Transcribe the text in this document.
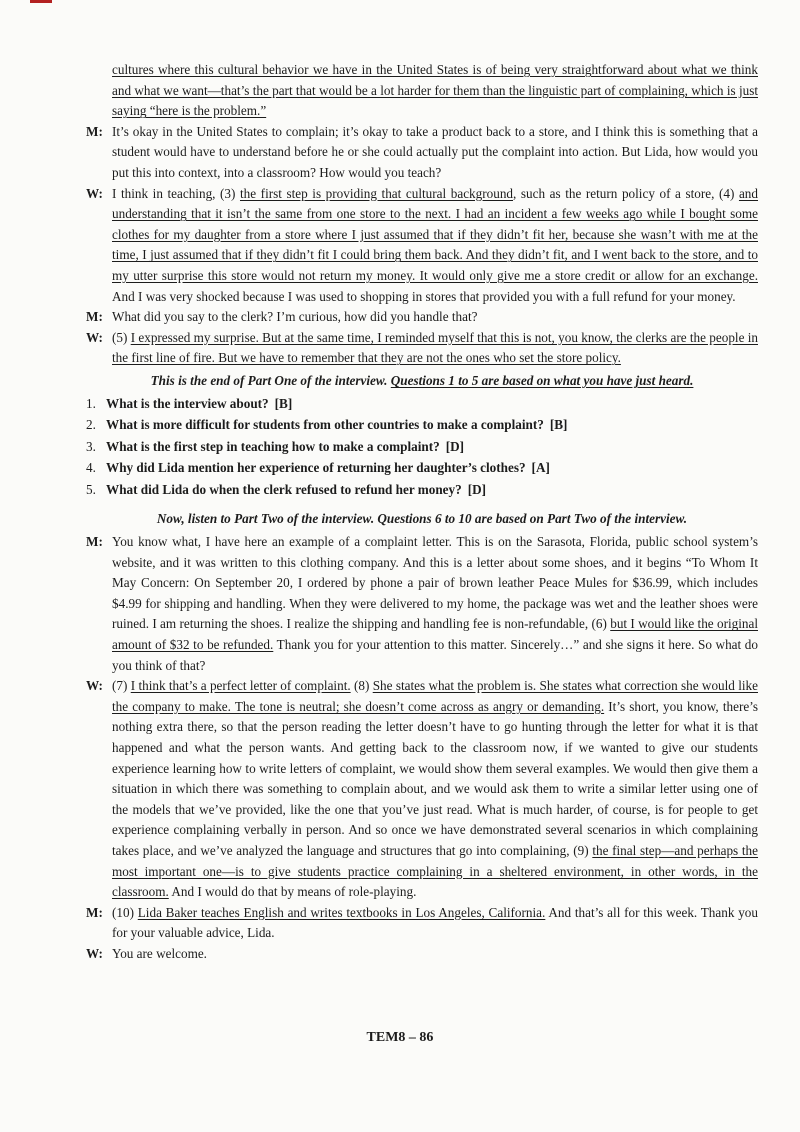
cultures where this cultural behavior we have in the United States is of being very straightforward about what we think and what we want—that’s the part that would be a lot harder for them than the linguistic part of complaining, which is just saying “here is the problem.”
M: It’s okay in the United States to complain; it’s okay to take a product back to a store, and I think this is something that a student would have to understand before he or she could actually put the complaint into action. But Lida, how would you put this into context, into a classroom? How would you teach?
W: I think in teaching, (3) the first step is providing that cultural background, such as the return policy of a store, (4) and understanding that it isn’t the same from one store to the next. I had an incident a few weeks ago while I bought some clothes for my daughter from a store where I just assumed that if they didn’t fit her, because she wasn’t with me at the time, I just assumed that if they didn’t fit I could bring them back. And they didn’t fit, and I went back to the store, and to my utter surprise this store would not return my money. It would only give me a store credit or allow for an exchange. And I was very shocked because I was used to shopping in stores that provided you with a full refund for your money.
M: What did you say to the clerk? I’m curious, how did you handle that?
W: (5) I expressed my surprise. But at the same time, I reminded myself that this is not, you know, the clerks are the people in the first line of fire. But we have to remember that they are not the ones who set the store policy.
This is the end of Part One of the interview. Questions 1 to 5 are based on what you have just heard.
1. What is the interview about? [B]
2. What is more difficult for students from other countries to make a complaint? [B]
3. What is the first step in teaching how to make a complaint? [D]
4. Why did Lida mention her experience of returning her daughter’s clothes? [A]
5. What did Lida do when the clerk refused to refund her money? [D]
Now, listen to Part Two of the interview. Questions 6 to 10 are based on Part Two of the interview.
M: You know what, I have here an example of a complaint letter. This is on the Sarasota, Florida, public school system’s website, and it was written to this clothing company. And this is a letter about some shoes, and it begins “To Whom It May Concern: On September 20, I ordered by phone a pair of brown leather Peace Mules for $36.99, which includes $4.99 for shipping and handling. When they were delivered to my home, the package was wet and the leather shoes were ruined. I am returning the shoes. I realize the shipping and handling fee is non-refundable, (6) but I would like the original amount of $32 to be refunded. Thank you for your attention to this matter. Sincerely…” and she signs it here. So what do you think of that?
W: (7) I think that’s a perfect letter of complaint. (8) She states what the problem is. She states what correction she would like the company to make. The tone is neutral; she doesn’t come across as angry or demanding. It’s short, you know, there’s nothing extra there, so that the person reading the letter doesn’t have to go hunting through the letter for what it is that happened and what the person wants. And getting back to the classroom now, if we wanted to give our students experience learning how to write letters of complaint, we would show them several examples. We would then give them a situation in which there was something to complain about, and we would ask them to write a similar letter using one of the models that we’ve provided, like the one that you’ve just read. What is much harder, of course, is for people to get experience complaining verbally in person. And so once we have demonstrated several scenarios in which complaining takes place, and we’ve analyzed the language and structures that go into complaining, (9) the final step—and perhaps the most important one—is to give students practice complaining in a sheltered environment, in other words, in the classroom. And I would do that by means of role-playing.
M: (10) Lida Baker teaches English and writes textbooks in Los Angeles, California. And that’s all for this week. Thank you for your valuable advice, Lida.
W: You are welcome.
TEM8 – 86
